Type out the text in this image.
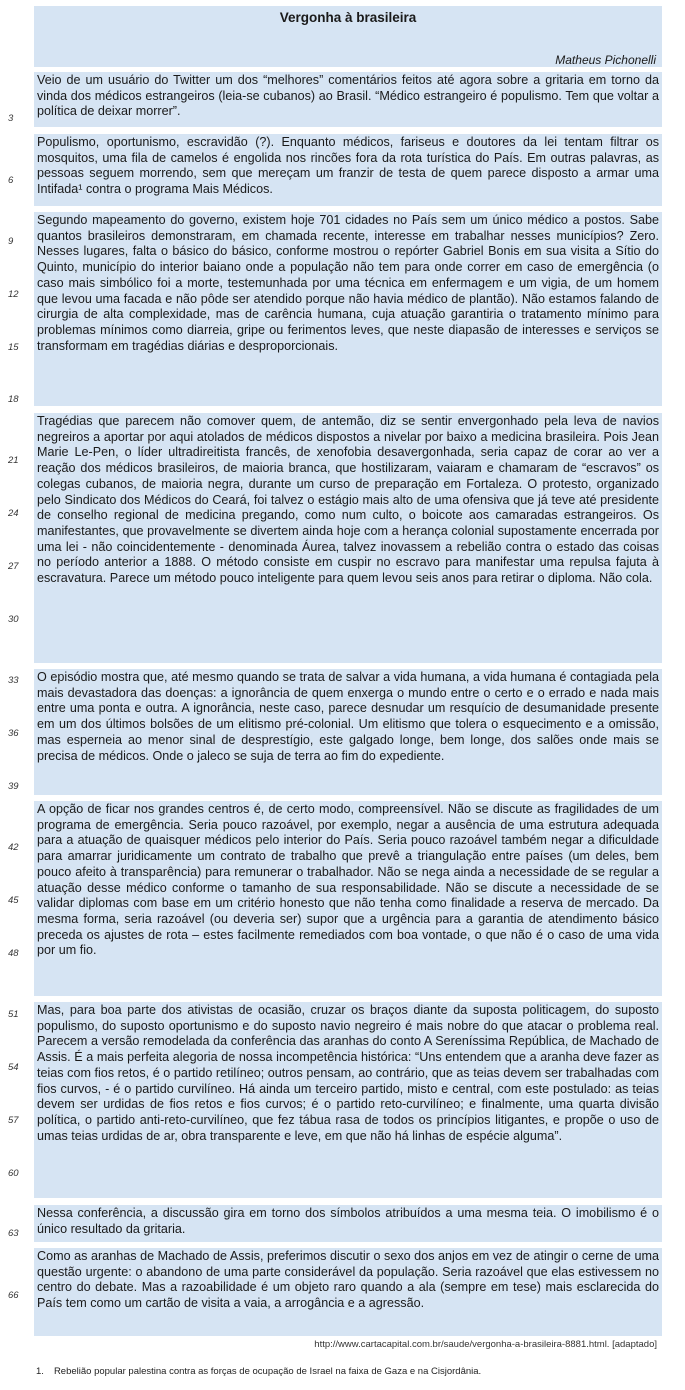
Vergonha à brasileira
Matheus Pichonelli
Veio de um usuário do Twitter um dos “melhores” comentários feitos até agora sobre a gritaria em torno da vinda dos médicos estrangeiros (leia-se cubanos) ao Brasil. “Médico estrangeiro é populismo. Tem que voltar a política de deixar morrer”.
Populismo, oportunismo, escravidão (?). Enquanto médicos, fariseus e doutores da lei tentam filtrar os mosquitos, uma fila de camelos é engolida nos rincões fora da rota turística do País. Em outras palavras, as pessoas seguem morrendo, sem que mereçam um franzir de testa de quem parece disposto a armar uma Intifada¹ contra o programa Mais Médicos.
Segundo mapeamento do governo, existem hoje 701 cidades no País sem um único médico a postos. Sabe quantos brasileiros demonstraram, em chamada recente, interesse em trabalhar nesses municípios? Zero. Nesses lugares, falta o básico do básico, conforme mostrou o repórter Gabriel Bonis em sua visita a Sítio do Quinto, município do interior baiano onde a população não tem para onde correr em caso de emergência (o caso mais simbólico foi a morte, testemunhada por uma técnica em enfermagem e um vigia, de um homem que levou uma facada e não pôde ser atendido porque não havia médico de plantão). Não estamos falando de cirurgia de alta complexidade, mas de carência humana, cuja atuação garantiria o tratamento mínimo para problemas mínimos como diarreia, gripe ou ferimentos leves, que neste diapasão de interesses e serviços se transformam em tragédias diárias e desproporcionais.
Tragédias que parecem não comover quem, de antemão, diz se sentir envergonhado pela leva de navios negreiros a aportar por aqui atolados de médicos dispostos a nivelar por baixo a medicina brasileira. Pois Jean Marie Le-Pen, o líder ultradireitista francês, de xenofobia desavergonhada, seria capaz de corar ao ver a reação dos médicos brasileiros, de maioria branca, que hostilizaram, vaiaram e chamaram de “escravos” os colegas cubanos, de maioria negra, durante um curso de preparação em Fortaleza. O protesto, organizado pelo Sindicato dos Médicos do Ceará, foi talvez o estágio mais alto de uma ofensiva que já teve até presidente de conselho regional de medicina pregando, como num culto, o boicote aos camaradas estrangeiros. Os manifestantes, que provavelmente se divertem ainda hoje com a herança colonial supostamente encerrada por uma lei - não coincidentemente - denominada Áurea, talvez inovassem a rebelião contra o estado das coisas no período anterior a 1888. O método consiste em cuspir no escravo para manifestar uma repulsa fajuta à escravatura. Parece um método pouco inteligente para quem levou seis anos para retirar o diploma. Não cola.
O episódio mostra que, até mesmo quando se trata de salvar a vida humana, a vida humana é contagiada pela mais devastadora das doenças: a ignorância de quem enxerga o mundo entre o certo e o errado e nada mais entre uma ponta e outra. A ignorância, neste caso, parece desnudar um resquício de desumanidade presente em um dos últimos bolsões de um elitismo pré-colonial. Um elitismo que tolera o esquecimento e a omissão, mas esperneia ao menor sinal de desprestígio, este galgado longe, bem longe, dos salões onde mais se precisa de médicos. Onde o jaleco se suja de terra ao fim do expediente.
A opção de ficar nos grandes centros é, de certo modo, compreensível. Não se discute as fragilidades de um programa de emergência. Seria pouco razoável, por exemplo, negar a ausência de uma estrutura adequada para a atuação de quaisquer médicos pelo interior do País. Seria pouco razoável também negar a dificuldade para amarrar juridicamente um contrato de trabalho que prevê a triangulação entre países (um deles, bem pouco afeito à transparência) para remunerar o trabalhador. Não se nega ainda a necessidade de se regular a atuação desse médico conforme o tamanho de sua responsabilidade. Não se discute a necessidade de se validar diplomas com base em um critério honesto que não tenha como finalidade a reserva de mercado. Da mesma forma, seria razoável (ou deveria ser) supor que a urgência para a garantia de atendimento básico preceda os ajustes de rota – estes facilmente remediados com boa vontade, o que não é o caso de uma vida por um fio.
Mas, para boa parte dos ativistas de ocasião, cruzar os braços diante da suposta politicagem, do suposto populismo, do suposto oportunismo e do suposto navio negreiro é mais nobre do que atacar o problema real. Parecem a versão remodelada da conferência das aranhas do conto A Sereníssima República, de Machado de Assis. É a mais perfeita alegoria de nossa incompetência histórica: “Uns entendem que a aranha deve fazer as teias com fios retos, é o partido retilíneo; outros pensam, ao contrário, que as teias devem ser trabalhadas com fios curvos, - é o partido curvilíneo. Há ainda um terceiro partido, misto e central, com este postulado: as teias devem ser urdidas de fios retos e fios curvos; é o partido reto-curvilíneo; e finalmente, uma quarta divisão política, o partido anti-reto-curvilíneo, que fez tábua rasa de todos os princípios litigantes, e propõe o uso de umas teias urdidas de ar, obra transparente e leve, em que não há linhas de espécie alguma”.
Nessa conferência, a discussão gira em torno dos símbolos atribuídos a uma mesma teia. O imobilismo é o único resultado da gritaria.
Como as aranhas de Machado de Assis, preferimos discutir o sexo dos anjos em vez de atingir o cerne de uma questão urgente: o abandono de uma parte considerável da população. Seria razoável que elas estivessem no centro do debate. Mas a razoabilidade é um objeto raro quando a ala (sempre em tese) mais esclarecida do País tem como um cartão de visita a vaia, a arrogância e a agressão.
3
6
9
12
15
18
21
24
27
30
33
36
39
42
45
48
51
54
57
60
63
66
http://www.cartacapital.com.br/saude/vergonha-a-brasileira-8881.html. [adaptado]
1. Rebelião popular palestina contra as forças de ocupação de Israel na faixa de Gaza e na Cisjordânia.
